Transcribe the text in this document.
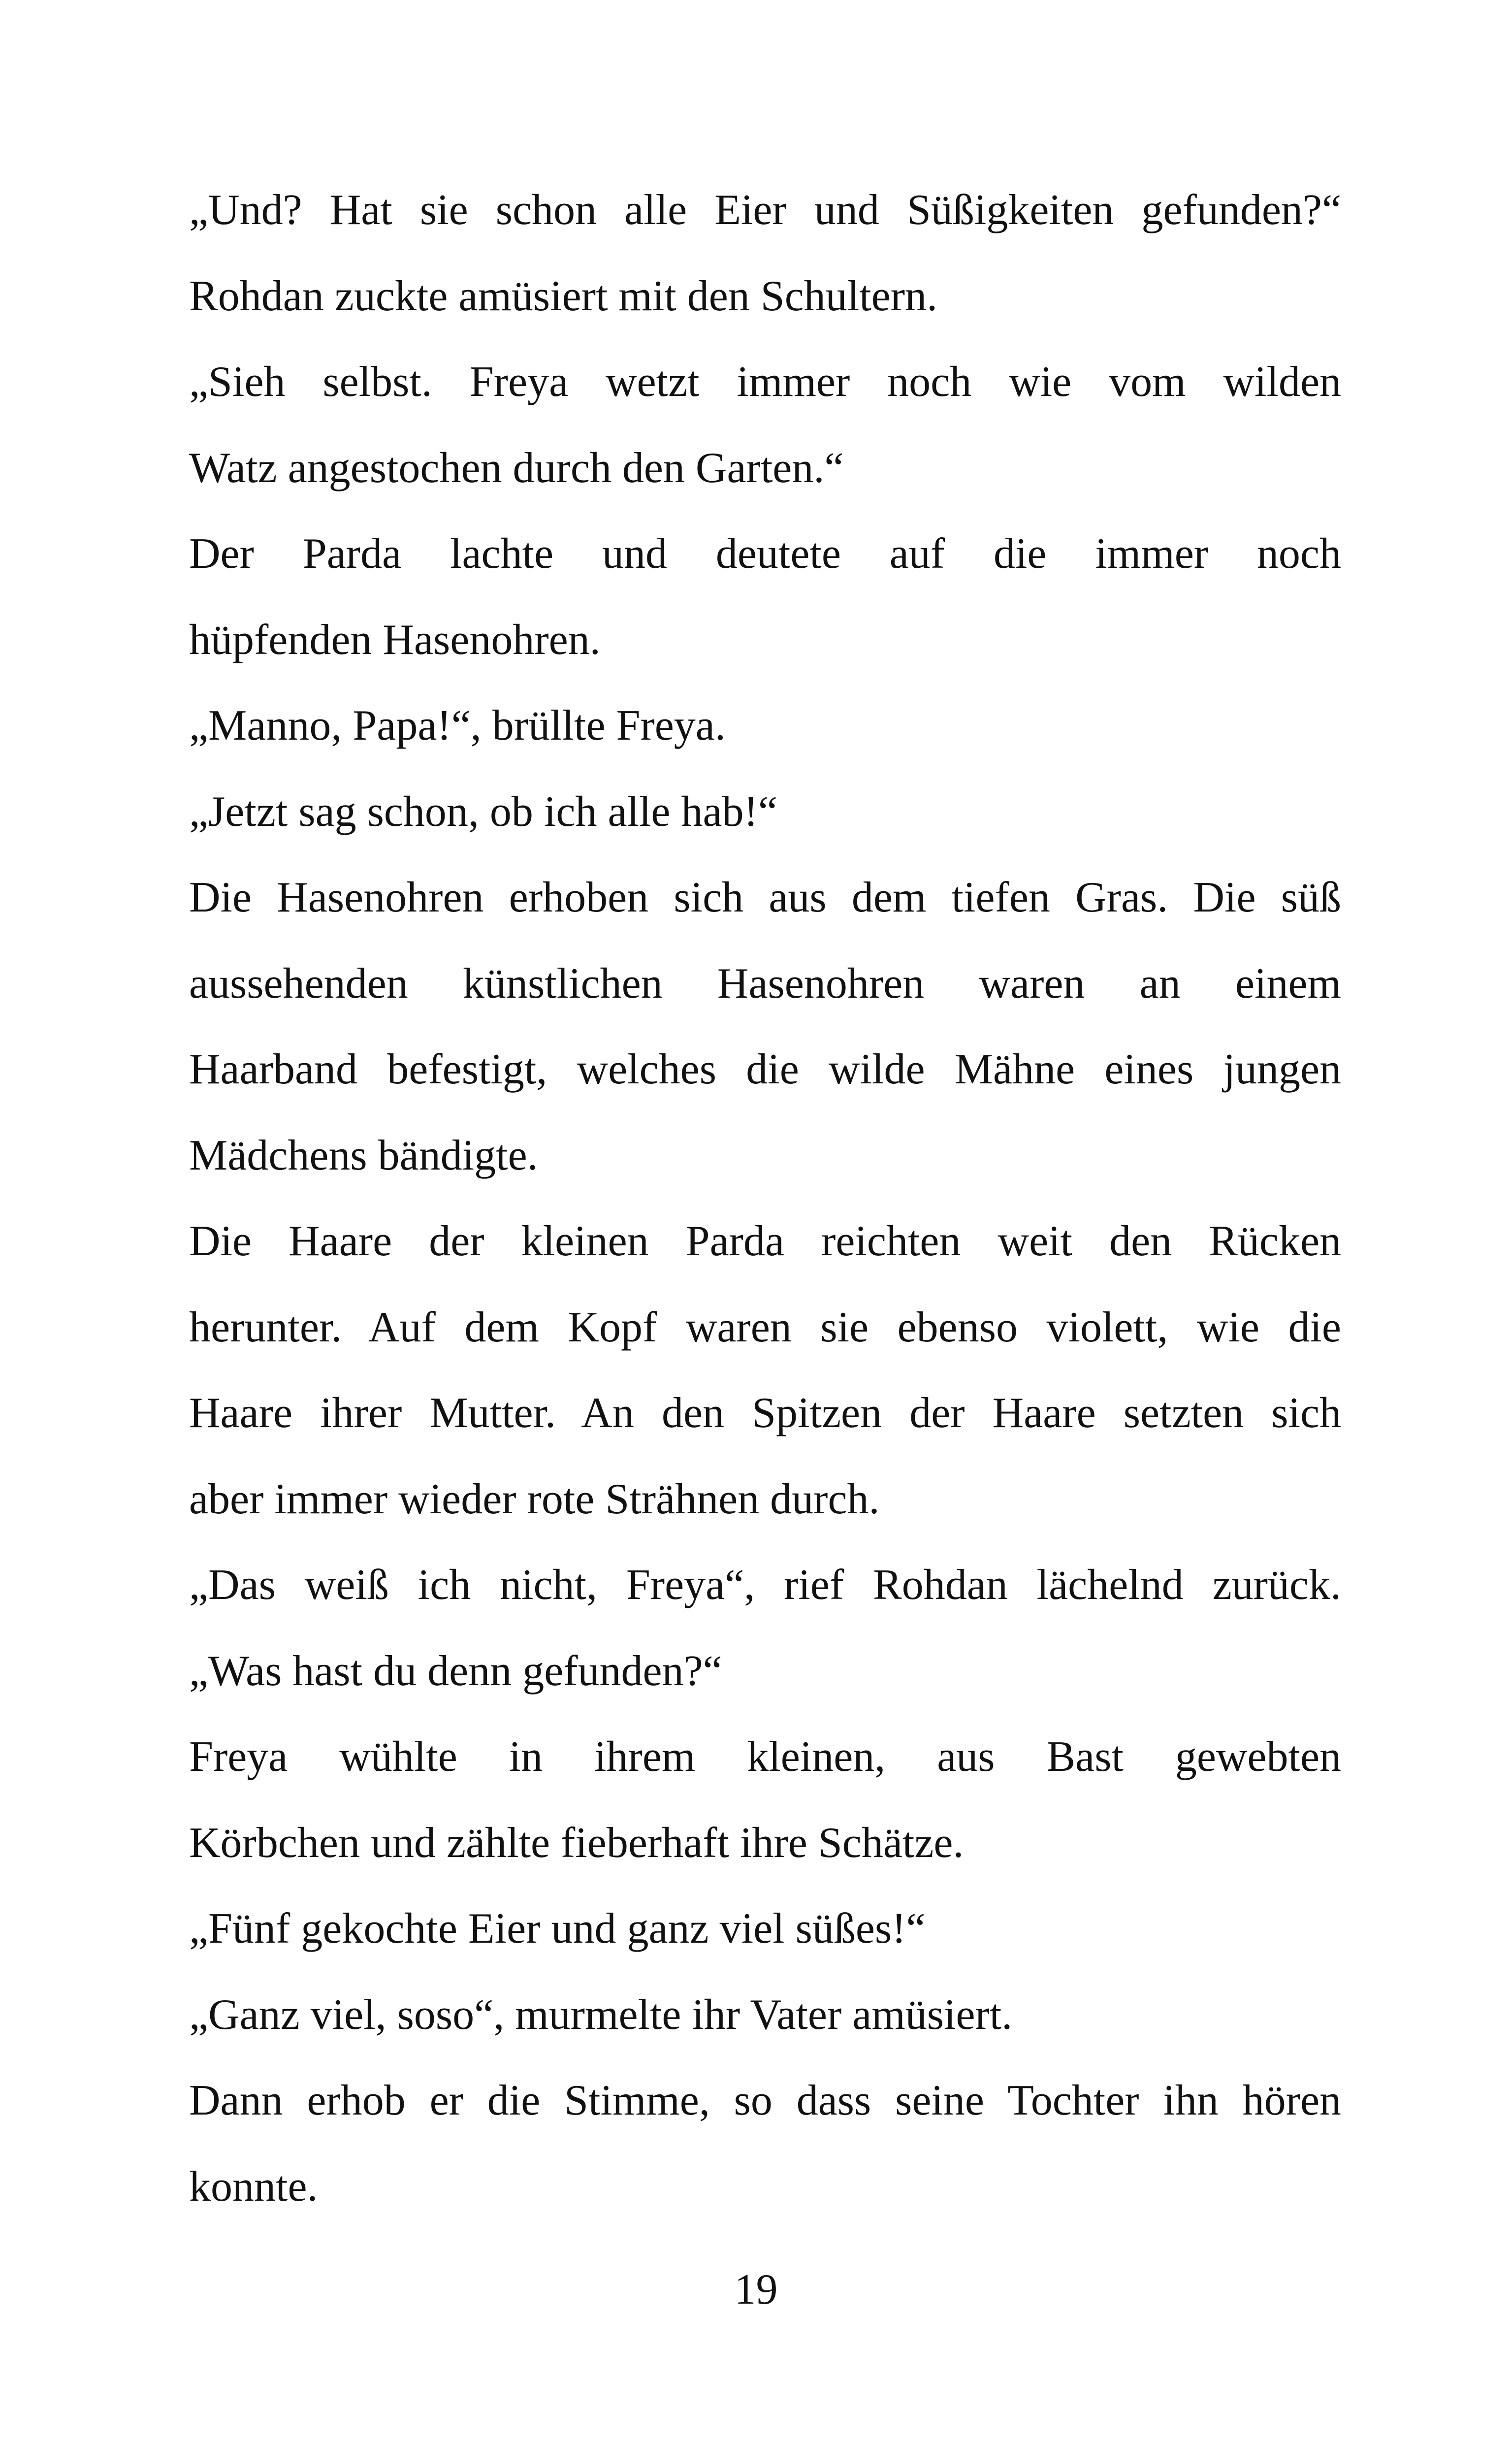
„Und? Hat sie schon alle Eier und Süßigkeiten gefunden?“
Rohdan zuckte amüsiert mit den Schultern.
„Sieh selbst. Freya wetzt immer noch wie vom wilden
Watz angestochen durch den Garten.“
Der Parda lachte und deutete auf die immer noch
hüpfenden Hasenohren.
„Manno, Papa!“, brüllte Freya.
„Jetzt sag schon, ob ich alle hab!“
Die Hasenohren erhoben sich aus dem tiefen Gras. Die süß
aussehenden künstlichen Hasenohren waren an einem
Haarband befestigt, welches die wilde Mähne eines jungen
Mädchens bändigte.
Die Haare der kleinen Parda reichten weit den Rücken
herunter. Auf dem Kopf waren sie ebenso violett, wie die
Haare ihrer Mutter. An den Spitzen der Haare setzten sich
aber immer wieder rote Strähnen durch.
„Das weiß ich nicht, Freya“, rief Rohdan lächelnd zurück.
„Was hast du denn gefunden?“
Freya wühlte in ihrem kleinen, aus Bast gewebten
Körbchen und zählte fieberhaft ihre Schätze.
„Fünf gekochte Eier und ganz viel süßes!“
„Ganz viel, soso“, murmelte ihr Vater amüsiert.
Dann erhob er die Stimme, so dass seine Tochter ihn hören
konnte.
19
